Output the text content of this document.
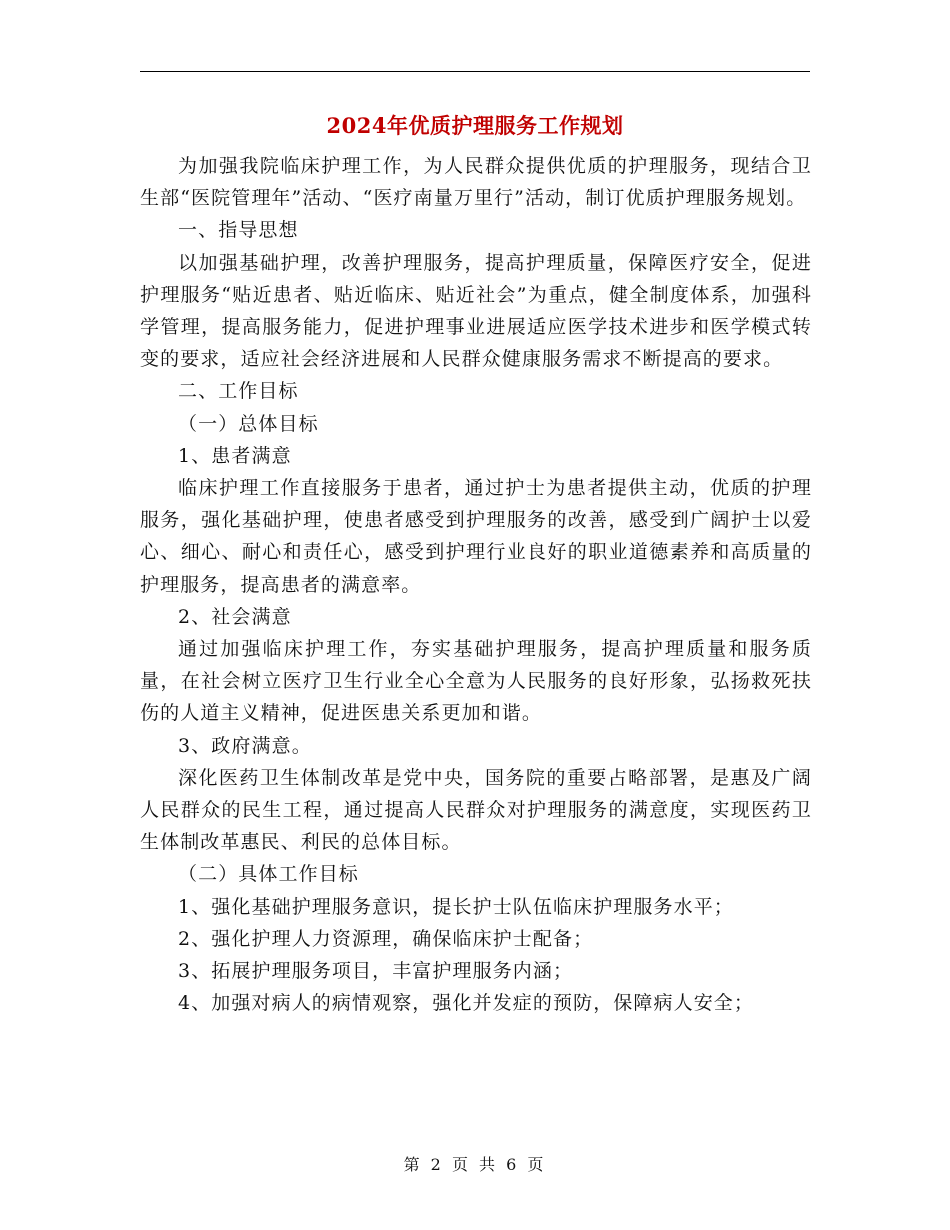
2024年优质护理服务工作规划

为加强我院临床护理工作，为人民群众提供优质的护理服务，现结合卫生部“医院管理年”活动、“医疗南量万里行”活动，制订优质护理服务规划。

一、指导思想

以加强基础护理，改善护理服务，提高护理质量，保障医疗安全，促进护理服务“贴近患者、贴近临床、贴近社会”为重点，健全制度体系，加强科学管理，提高服务能力，促进护理事业进展适应医学技术进步和医学模式转变的要求，适应社会经济进展和人民群众健康服务需求不断提高的要求。

二、工作目标

（一）总体目标

1、患者满意

临床护理工作直接服务于患者，通过护士为患者提供主动，优质的护理服务，强化基础护理，使患者感受到护理服务的改善，感受到广阔护士以爱心、细心、耐心和责任心，感受到护理行业良好的职业道德素养和高质量的护理服务，提高患者的满意率。

2、社会满意

通过加强临床护理工作，夯实基础护理服务，提高护理质量和服务质量，在社会树立医疗卫生行业全心全意为人民服务的良好形象，弘扬救死扶伤的人道主义精神，促进医患关系更加和谐。

3、政府满意。

深化医药卫生体制改革是党中央，国务院的重要占略部署，是惠及广阔人民群众的民生工程，通过提高人民群众对护理服务的满意度，实现医药卫生体制改革惠民、利民的总体目标。

（二）具体工作目标

1、强化基础护理服务意识，提长护士队伍临床护理服务水平；

2、强化护理人力资源理，确保临床护士配备；

3、拓展护理服务项目，丰富护理服务内涵；

4、加强对病人的病情观察，强化并发症的预防，保障病人安全；

第 2 页 共 6 页
